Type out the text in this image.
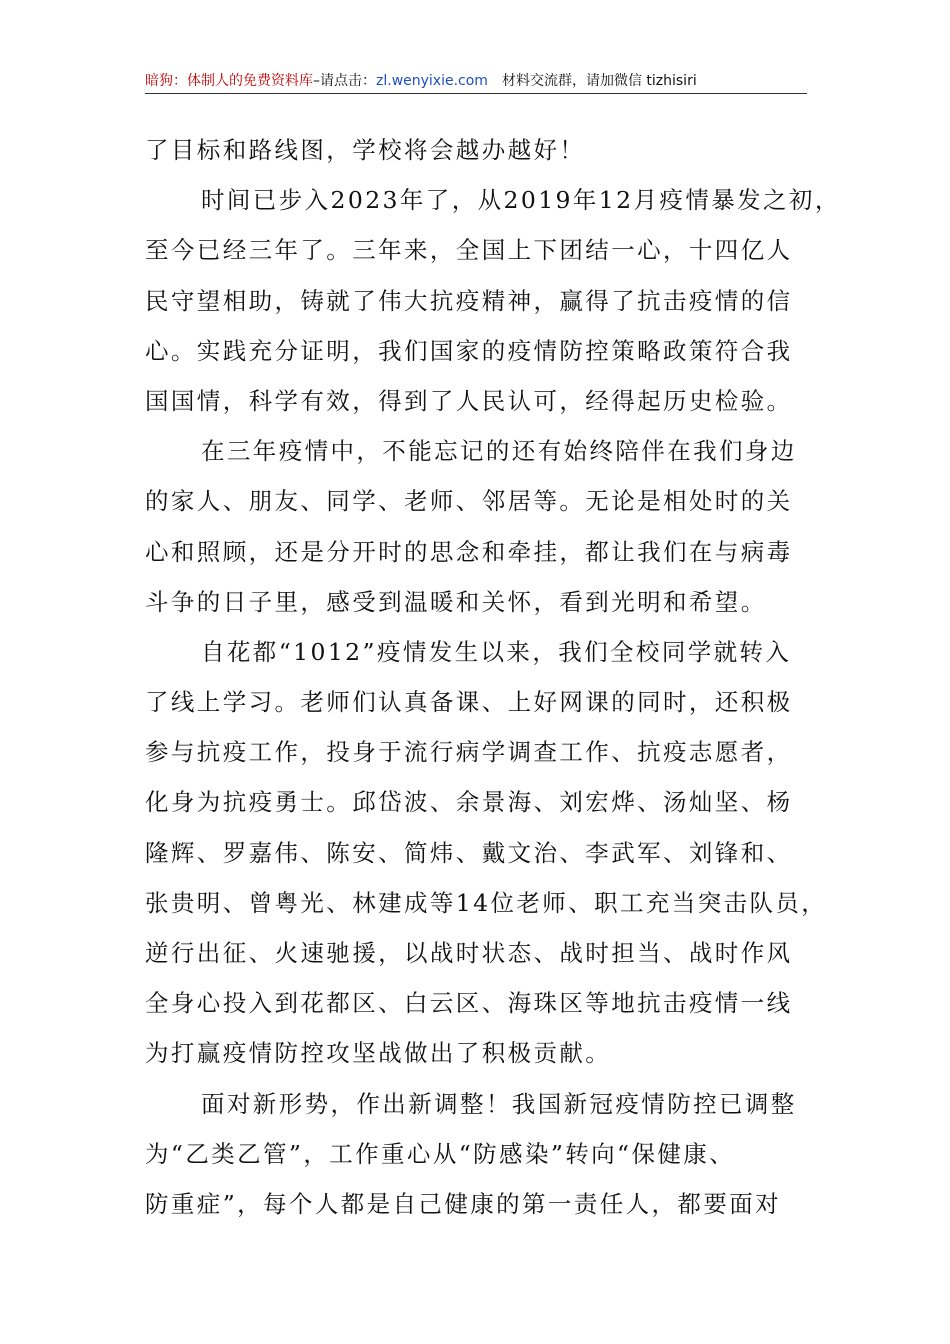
暗狗：体制人的免费资料库–请点击：zl.wenyixie.com 材料交流群，请加微信 tizhisiri
了目标和路线图，学校将会越办越好！
时间已步入2023年了，从2019年12月疫情暴发之初，
至今已经三年了。三年来，全国上下团结一心，十四亿人
民守望相助，铸就了伟大抗疫精神，赢得了抗击疫情的信
心。实践充分证明，我们国家的疫情防控策略政策符合我
国国情，科学有效，得到了人民认可，经得起历史检验。
在三年疫情中，不能忘记的还有始终陪伴在我们身边
的家人、朋友、同学、老师、邻居等。无论是相处时的关
心和照顾，还是分开时的思念和牵挂，都让我们在与病毒
斗争的日子里，感受到温暖和关怀，看到光明和希望。
自花都“1012”疫情发生以来，我们全校同学就转入
了线上学习。老师们认真备课、上好网课的同时，还积极
参与抗疫工作，投身于流行病学调查工作、抗疫志愿者，
化身为抗疫勇士。邱岱波、余景海、刘宏烨、汤灿坚、杨
隆辉、罗嘉伟、陈安、简炜、戴文治、李武军、刘锋和、
张贵明、曾粤光、林建成等14位老师、职工充当突击队员，
逆行出征、火速驰援，以战时状态、战时担当、战时作风
全身心投入到花都区、白云区、海珠区等地抗击疫情一线
为打赢疫情防控攻坚战做出了积极贡献。
面对新形势，作出新调整！我国新冠疫情防控已调整
为“乙类乙管”，工作重心从“防感染”转向“保健康、
防重症”，每个人都是自己健康的第一责任人，都要面对
